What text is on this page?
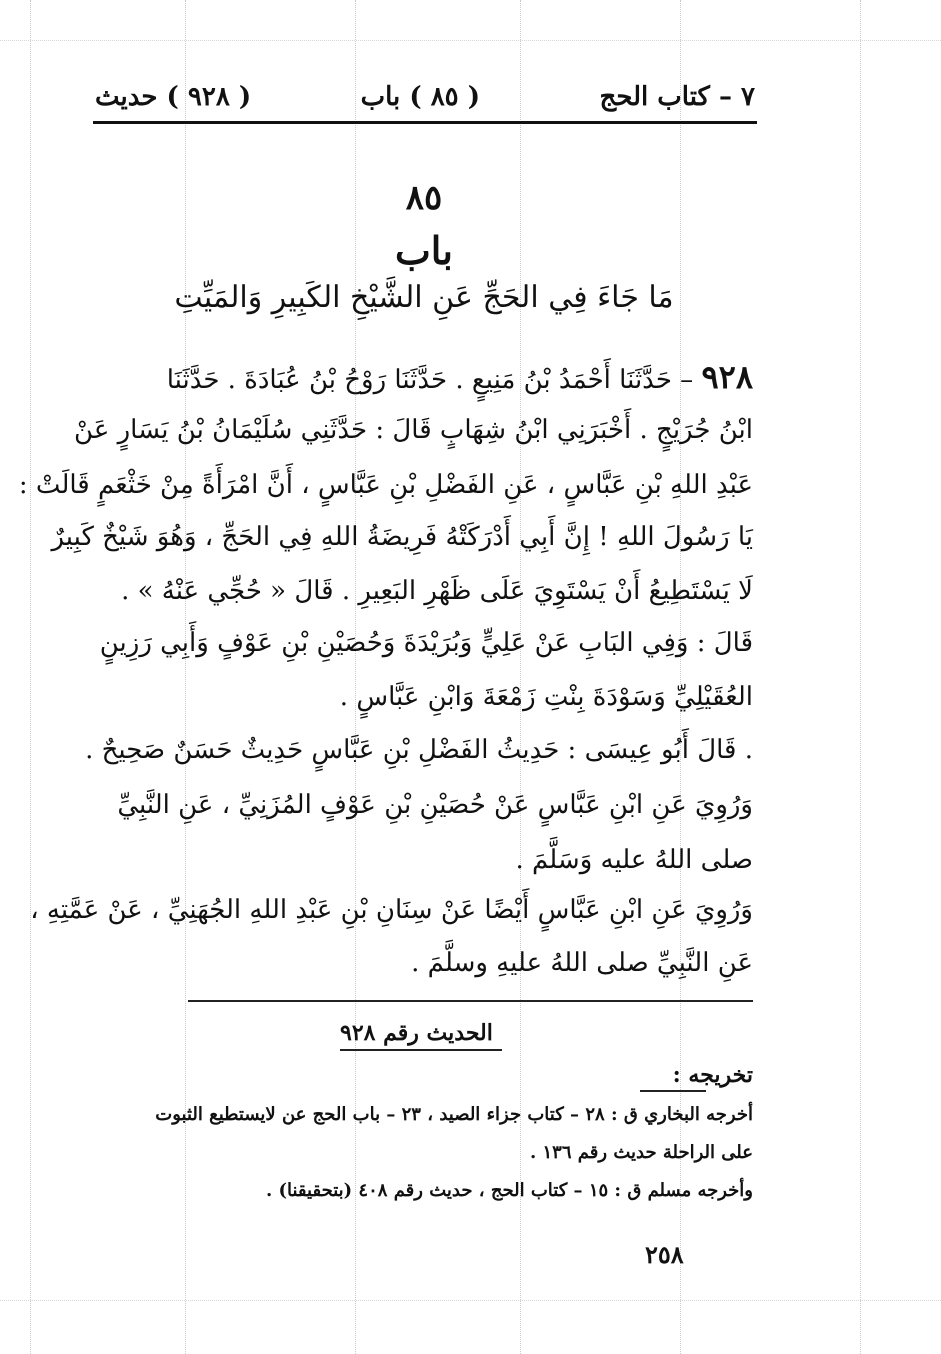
٧ – كتاب الحج
( ٨٥ ) باب
( ٩٢٨ ) حديث
٨٥
باب
مَا جَاءَ فِي الحَجِّ عَنِ الشَّيْخِ الكَبِيرِ وَالمَيِّتِ
٩٢٨ – حَدَّثَنَا أَحْمَدُ بْنُ مَنِيعٍ . حَدَّثَنَا رَوْحُ بْنُ عُبَادَةَ . حَدَّثَنَا
ابْنُ جُرَيْجٍ . أَخْبَرَنِي ابْنُ شِهَابٍ قَالَ : حَدَّثَنِي سُلَيْمَانُ بْنُ يَسَارٍ عَنْ
عَبْدِ اللهِ بْنِ عَبَّاسٍ ، عَنِ الفَضْلِ بْنِ عَبَّاسٍ ، أَنَّ امْرَأَةً مِنْ خَثْعَمٍ قَالَتْ :
يَا رَسُولَ اللهِ ! إِنَّ أَبِي أَدْرَكَتْهُ فَرِيضَةُ اللهِ فِي الحَجِّ ، وَهُوَ شَيْخٌ كَبِيرٌ
لَا يَسْتَطِيعُ أَنْ يَسْتَوِيَ عَلَى ظَهْرِ البَعِيرِ . قَالَ « حُجِّي عَنْهُ » .
قَالَ : وَفِي البَابِ عَنْ عَلِيٍّ وَبُرَيْدَةَ وَحُصَيْنِ بْنِ عَوْفٍ وَأَبِي رَزِينٍ
العُقَيْلِيِّ وَسَوْدَةَ بِنْتِ زَمْعَةَ وَابْنِ عَبَّاسٍ .
. قَالَ أَبُو عِيسَى : حَدِيثُ الفَضْلِ بْنِ عَبَّاسٍ حَدِيثٌ حَسَنٌ صَحِيحٌ .
وَرُوِيَ عَنِ ابْنِ عَبَّاسٍ عَنْ حُصَيْنِ بْنِ عَوْفٍ المُزَنِيِّ ، عَنِ النَّبِيِّ
صلى اللهُ عليه وَسَلَّمَ .
وَرُوِيَ عَنِ ابْنِ عَبَّاسٍ أَيْضًا عَنْ سِنَانِ بْنِ عَبْدِ اللهِ الجُهَنِيِّ ، عَنْ عَمَّتِهِ ،
عَنِ النَّبِيِّ صلى اللهُ عليهِ وسلَّمَ .
الحديث رقم ٩٢٨
تخريجه :
أخرجه البخاري ق : ٢٨ – كتاب جزاء الصيد ، ٢٣ – باب الحج عن لايستطيع الثبوت
على الراحلة حديث رقم ١٣٦ .
وأخرجه مسلم ق : ١٥ – كتاب الحج ، حديث رقم ٤٠٨ (بتحقيقنا) .
٢٥٨
